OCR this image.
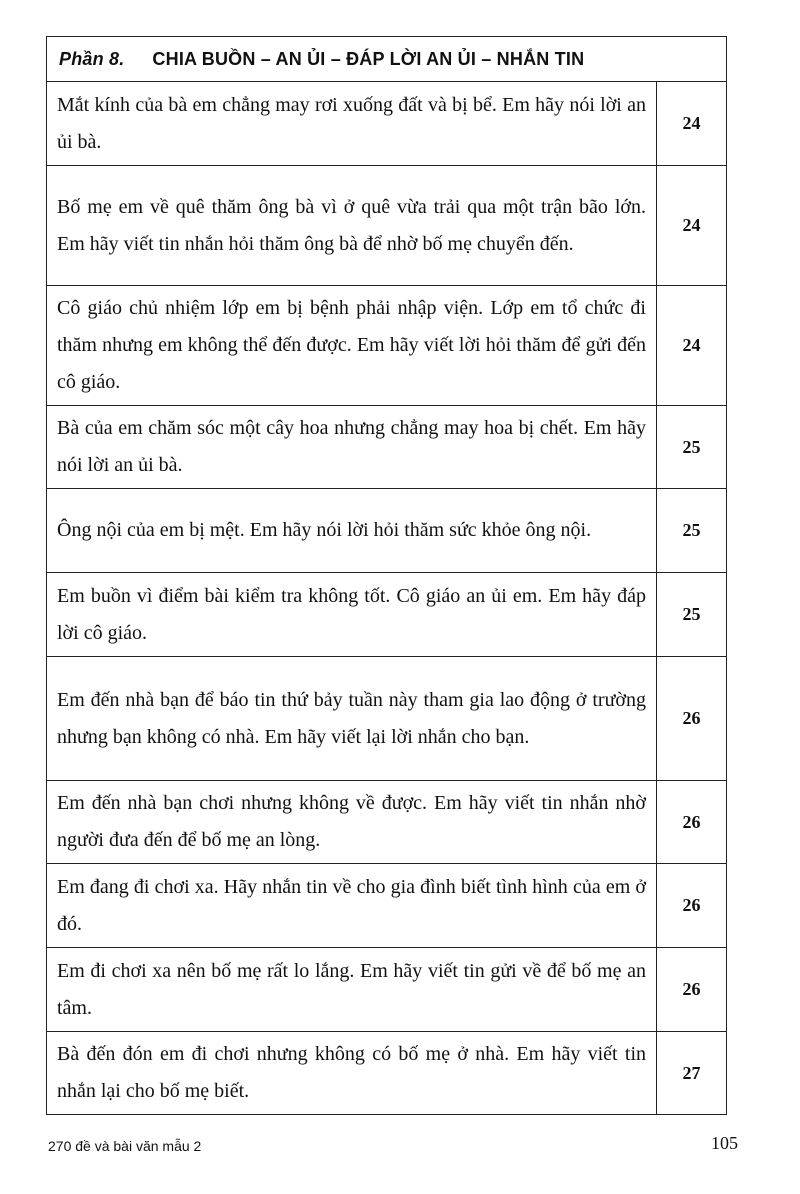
Phần 8. CHIA BUỒN – AN ỦI – ĐÁP LỜI AN ỦI – NHẮN TIN	
Mắt kính của bà em chẳng may rơi xuống đất và bị bể. Em hãy nói lời an ủi bà.	24
Bố mẹ em về quê thăm ông bà vì ở quê vừa trải qua một trận bão lớn. Em hãy viết tin nhắn hỏi thăm ông bà để nhờ bố mẹ chuyển đến.	24
Cô giáo chủ nhiệm lớp em bị bệnh phải nhập viện. Lớp em tổ chức đi thăm nhưng em không thể đến được. Em hãy viết lời hỏi thăm để gửi đến cô giáo.	24
Bà của em chăm sóc một cây hoa nhưng chẳng may hoa bị chết. Em hãy nói lời an ủi bà.	25
Ông nội của em bị mệt. Em hãy nói lời hỏi thăm sức khỏe ông nội.	25
Em buồn vì điểm bài kiểm tra không tốt. Cô giáo an ủi em. Em hãy đáp lời cô giáo.	25
Em đến nhà bạn để báo tin thứ bảy tuần này tham gia lao động ở trường nhưng bạn không có nhà. Em hãy viết lại lời nhắn cho bạn.	26
Em đến nhà bạn chơi nhưng không về được. Em hãy viết tin nhắn nhờ người đưa đến để bố mẹ an lòng.	26
Em đang đi chơi xa. Hãy nhắn tin về cho gia đình biết tình hình của em ở đó.	26
Em đi chơi xa nên bố mẹ rất lo lắng. Em hãy viết tin gửi về để bố mẹ an tâm.	26
Bà đến đón em đi chơi nhưng không có bố mẹ ở nhà. Em hãy viết tin nhắn lại cho bố mẹ biết.	27
270 đề và bài văn mẫu 2	105
